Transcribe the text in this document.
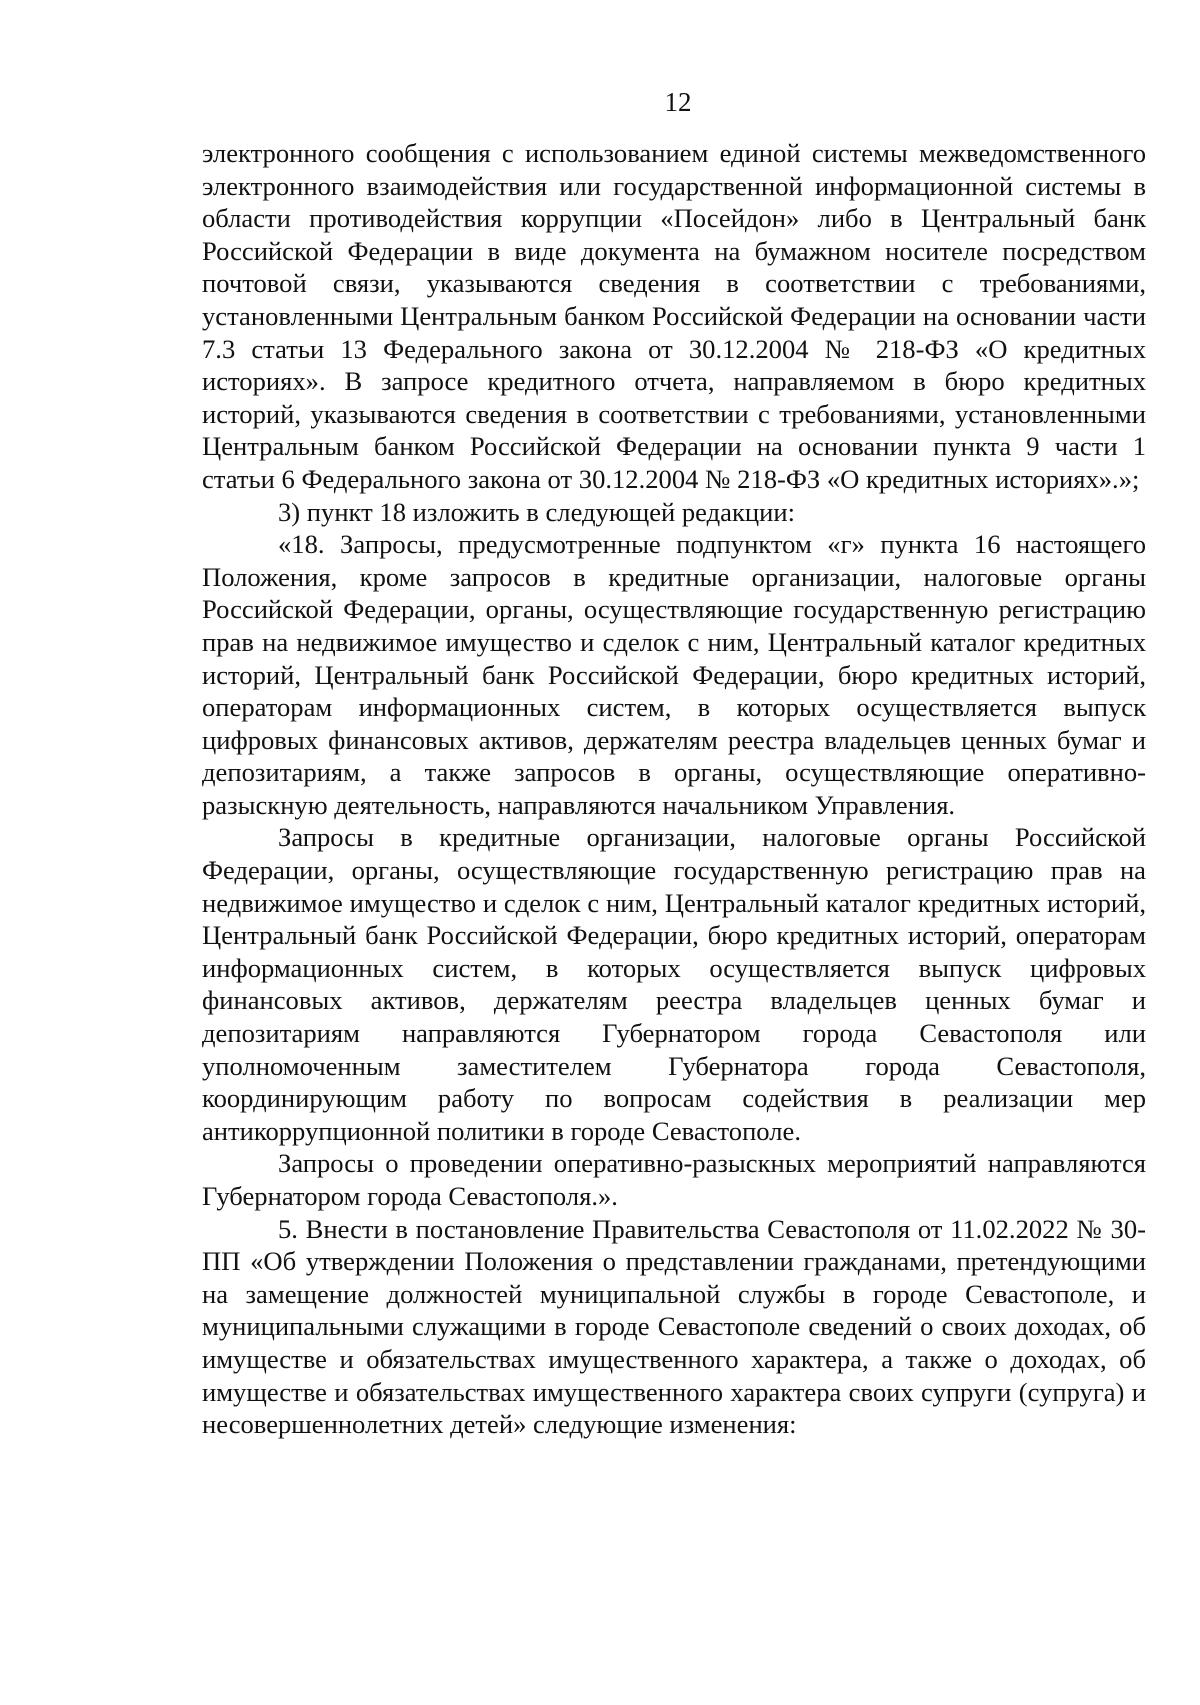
12

электронного сообщения с использованием единой системы межведомственного электронного взаимодействия или государственной информационной системы в области противодействия коррупции «Посейдон» либо в Центральный банк Российской Федерации в виде документа на бумажном носителе посредством почтовой связи, указываются сведения в соответствии с требованиями, установленными Центральным банком Российской Федерации на основании части 7.3 статьи 13 Федерального закона от 30.12.2004 № 218-ФЗ «О кредитных историях». В запросе кредитного отчета, направляемом в бюро кредитных историй, указываются сведения в соответствии с требованиями, установленными Центральным банком Российской Федерации на основании пункта 9 части 1 статьи 6 Федерального закона от 30.12.2004 № 218-ФЗ «О кредитных историях».»;

3) пункт 18 изложить в следующей редакции:

«18. Запросы, предусмотренные подпунктом «г» пункта 16 настоящего Положения, кроме запросов в кредитные организации, налоговые органы Российской Федерации, органы, осуществляющие государственную регистрацию прав на недвижимое имущество и сделок с ним, Центральный каталог кредитных историй, Центральный банк Российской Федерации, бюро кредитных историй, операторам информационных систем, в которых осуществляется выпуск цифровых финансовых активов, держателям реестра владельцев ценных бумаг и депозитариям, а также запросов в органы, осуществляющие оперативно-разыскную деятельность, направляются начальником Управления.

Запросы в кредитные организации, налоговые органы Российской Федерации, органы, осуществляющие государственную регистрацию прав на недвижимое имущество и сделок с ним, Центральный каталог кредитных историй, Центральный банк Российской Федерации, бюро кредитных историй, операторам информационных систем, в которых осуществляется выпуск цифровых финансовых активов, держателям реестра владельцев ценных бумаг и депозитариям направляются Губернатором города Севастополя или уполномоченным заместителем Губернатора города Севастополя, координирующим работу по вопросам содействия в реализации мер антикоррупционной политики в городе Севастополе.

Запросы о проведении оперативно-разыскных мероприятий направляются Губернатором города Севастополя.».

5. Внести в постановление Правительства Севастополя от 11.02.2022 № 30-ПП «Об утверждении Положения о представлении гражданами, претендующими на замещение должностей муниципальной службы в городе Севастополе, и муниципальными служащими в городе Севастополе сведений о своих доходах, об имуществе и обязательствах имущественного характера, а также о доходах, об имуществе и обязательствах имущественного характера своих супруги (супруга) и несовершеннолетних детей» следующие изменения:
